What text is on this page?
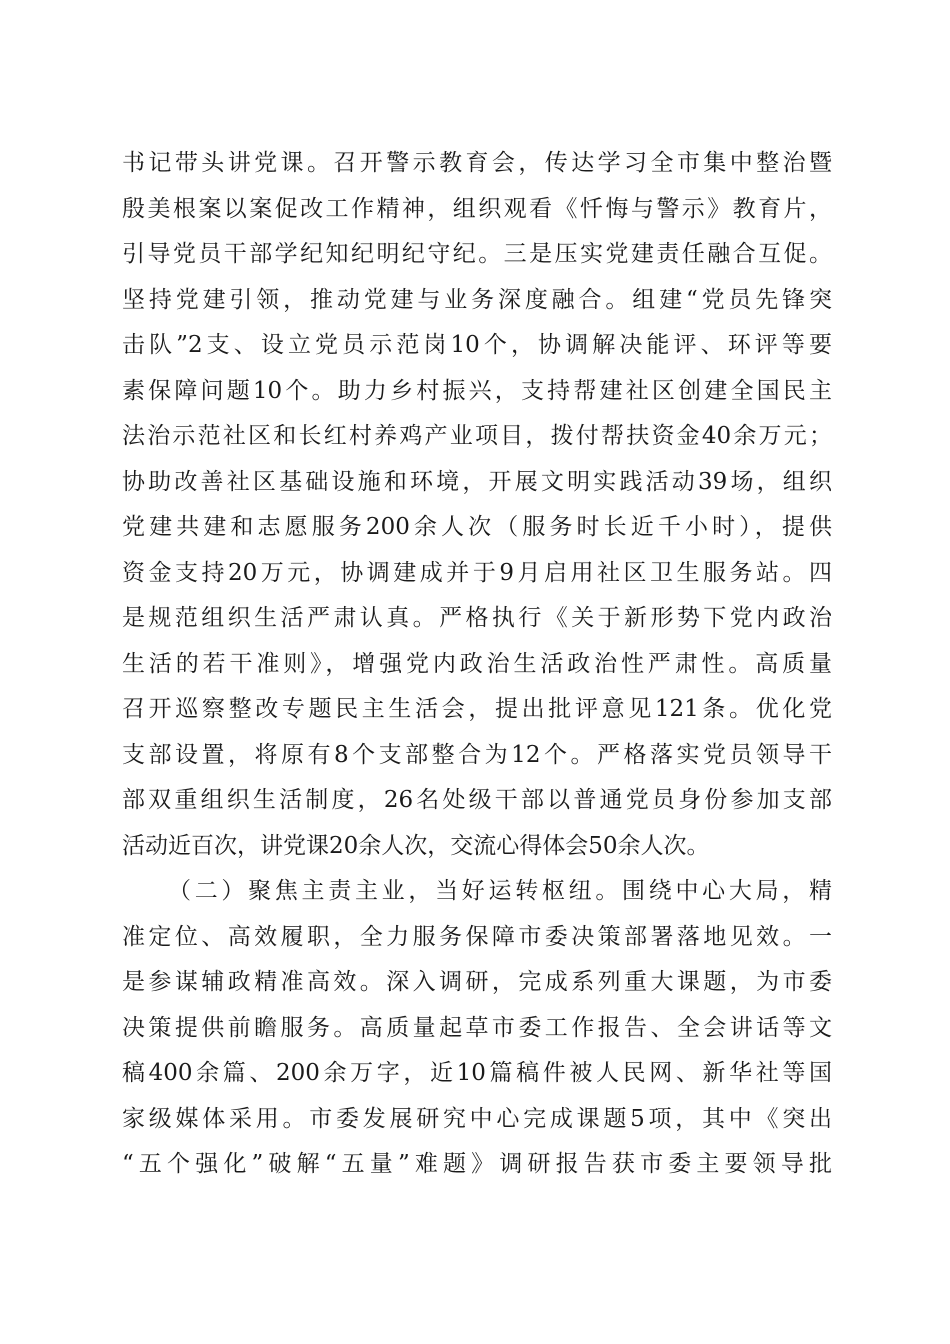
书记带头讲党课。召开警示教育会，传达学习全市集中整治暨
殷美根案以案促改工作精神，组织观看《忏悔与警示》教育片，
引导党员干部学纪知纪明纪守纪。三是压实党建责任融合互促。
坚持党建引领，推动党建与业务深度融合。组建“党员先锋突
击队”2支、设立党员示范岗10个，协调解决能评、环评等要
素保障问题10个。助力乡村振兴，支持帮建社区创建全国民主
法治示范社区和长红村养鸡产业项目，拨付帮扶资金40余万元；
协助改善社区基础设施和环境，开展文明实践活动39场，组织
党建共建和志愿服务200余人次（服务时长近千小时），提供
资金支持20万元，协调建成并于9月启用社区卫生服务站。四
是规范组织生活严肃认真。严格执行《关于新形势下党内政治
生活的若干准则》，增强党内政治生活政治性严肃性。高质量
召开巡察整改专题民主生活会，提出批评意见121条。优化党
支部设置，将原有8个支部整合为12个。严格落实党员领导干
部双重组织生活制度，26名处级干部以普通党员身份参加支部
活动近百次，讲党课20余人次，交流心得体会50余人次。
（二）聚焦主责主业，当好运转枢纽。围绕中心大局，精
准定位、高效履职，全力服务保障市委决策部署落地见效。一
是参谋辅政精准高效。深入调研，完成系列重大课题，为市委
决策提供前瞻服务。高质量起草市委工作报告、全会讲话等文
稿400余篇、200余万字，近10篇稿件被人民网、新华社等国
家级媒体采用。市委发展研究中心完成课题5项，其中《突出
“五个强化”破解“五量”难题》调研报告获市委主要领导批
